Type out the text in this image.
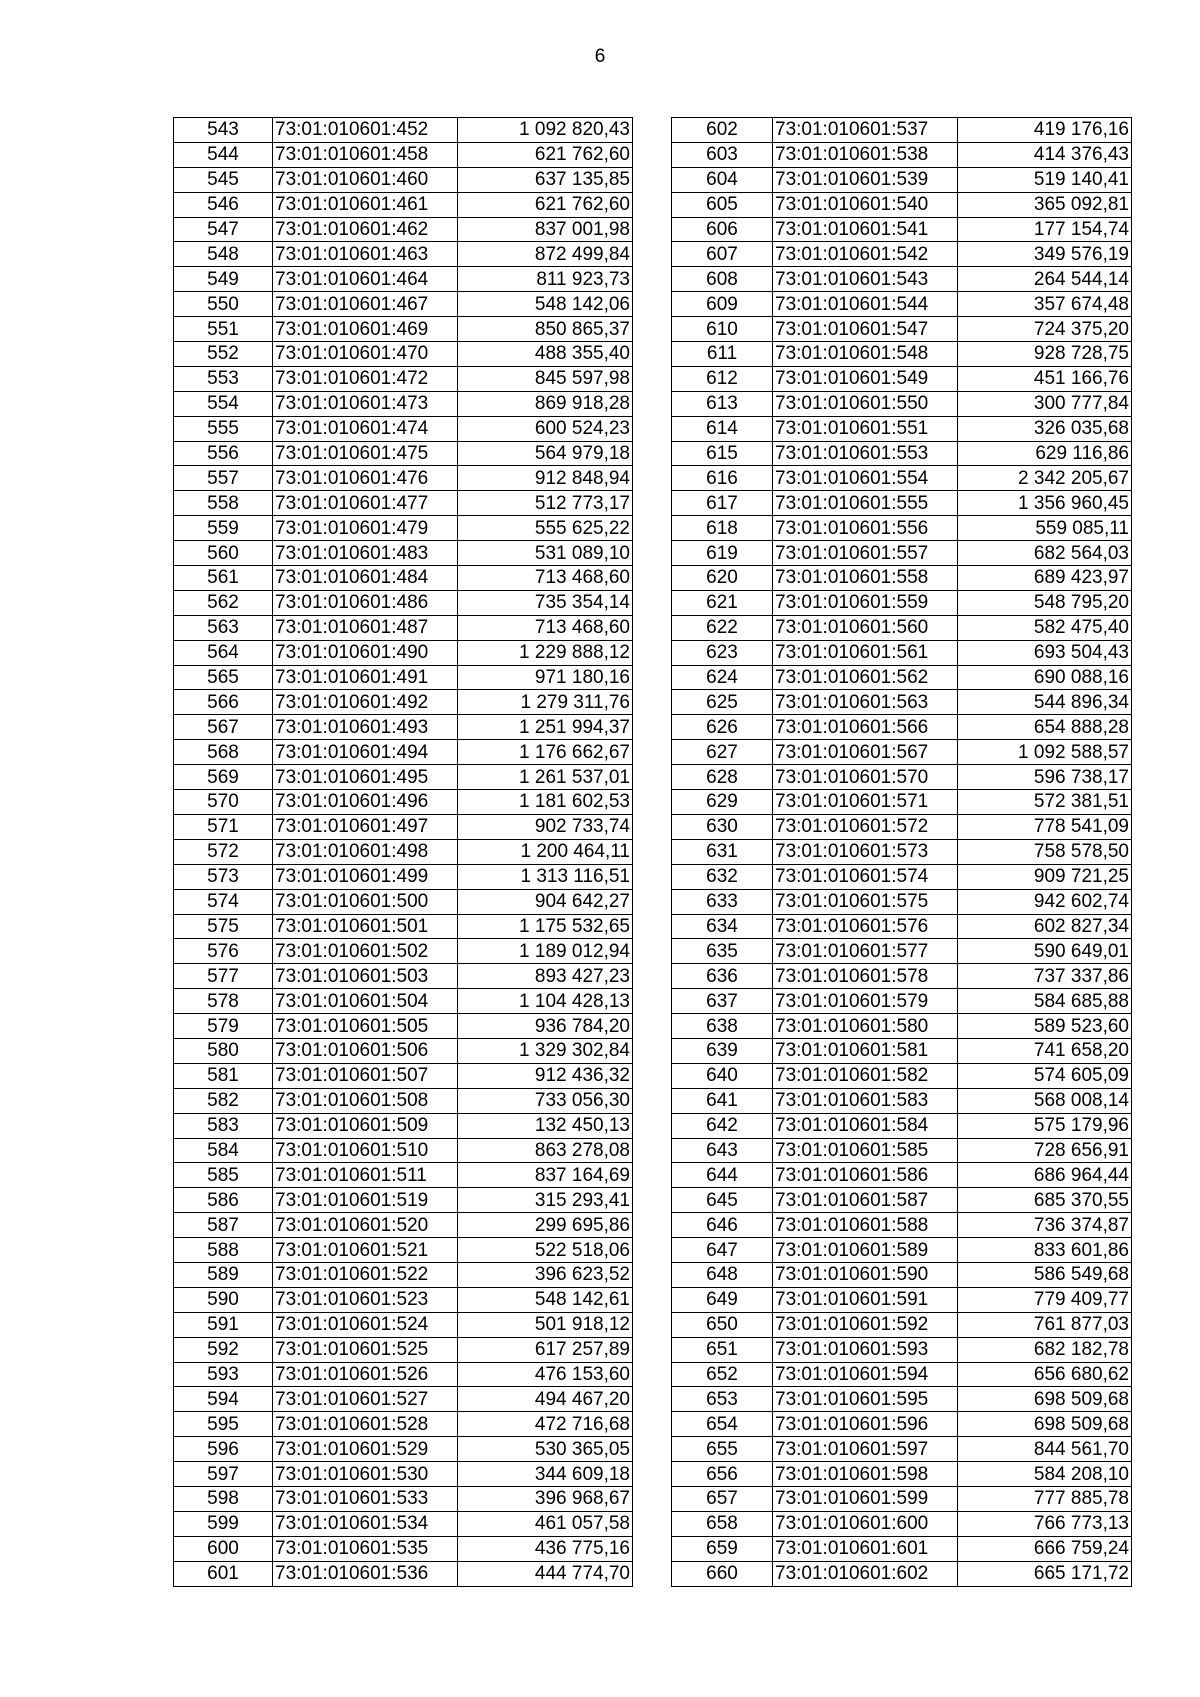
6
543	73:01:010601:452	1 092 820,43
544	73:01:010601:458	621 762,60
545	73:01:010601:460	637 135,85
546	73:01:010601:461	621 762,60
547	73:01:010601:462	837 001,98
548	73:01:010601:463	872 499,84
549	73:01:010601:464	811 923,73
550	73:01:010601:467	548 142,06
551	73:01:010601:469	850 865,37
552	73:01:010601:470	488 355,40
553	73:01:010601:472	845 597,98
554	73:01:010601:473	869 918,28
555	73:01:010601:474	600 524,23
556	73:01:010601:475	564 979,18
557	73:01:010601:476	912 848,94
558	73:01:010601:477	512 773,17
559	73:01:010601:479	555 625,22
560	73:01:010601:483	531 089,10
561	73:01:010601:484	713 468,60
562	73:01:010601:486	735 354,14
563	73:01:010601:487	713 468,60
564	73:01:010601:490	1 229 888,12
565	73:01:010601:491	971 180,16
566	73:01:010601:492	1 279 311,76
567	73:01:010601:493	1 251 994,37
568	73:01:010601:494	1 176 662,67
569	73:01:010601:495	1 261 537,01
570	73:01:010601:496	1 181 602,53
571	73:01:010601:497	902 733,74
572	73:01:010601:498	1 200 464,11
573	73:01:010601:499	1 313 116,51
574	73:01:010601:500	904 642,27
575	73:01:010601:501	1 175 532,65
576	73:01:010601:502	1 189 012,94
577	73:01:010601:503	893 427,23
578	73:01:010601:504	1 104 428,13
579	73:01:010601:505	936 784,20
580	73:01:010601:506	1 329 302,84
581	73:01:010601:507	912 436,32
582	73:01:010601:508	733 056,30
583	73:01:010601:509	132 450,13
584	73:01:010601:510	863 278,08
585	73:01:010601:511	837 164,69
586	73:01:010601:519	315 293,41
587	73:01:010601:520	299 695,86
588	73:01:010601:521	522 518,06
589	73:01:010601:522	396 623,52
590	73:01:010601:523	548 142,61
591	73:01:010601:524	501 918,12
592	73:01:010601:525	617 257,89
593	73:01:010601:526	476 153,60
594	73:01:010601:527	494 467,20
595	73:01:010601:528	472 716,68
596	73:01:010601:529	530 365,05
597	73:01:010601:530	344 609,18
598	73:01:010601:533	396 968,67
599	73:01:010601:534	461 057,58
600	73:01:010601:535	436 775,16
601	73:01:010601:536	444 774,70
602	73:01:010601:537	419 176,16
603	73:01:010601:538	414 376,43
604	73:01:010601:539	519 140,41
605	73:01:010601:540	365 092,81
606	73:01:010601:541	177 154,74
607	73:01:010601:542	349 576,19
608	73:01:010601:543	264 544,14
609	73:01:010601:544	357 674,48
610	73:01:010601:547	724 375,20
611	73:01:010601:548	928 728,75
612	73:01:010601:549	451 166,76
613	73:01:010601:550	300 777,84
614	73:01:010601:551	326 035,68
615	73:01:010601:553	629 116,86
616	73:01:010601:554	2 342 205,67
617	73:01:010601:555	1 356 960,45
618	73:01:010601:556	559 085,11
619	73:01:010601:557	682 564,03
620	73:01:010601:558	689 423,97
621	73:01:010601:559	548 795,20
622	73:01:010601:560	582 475,40
623	73:01:010601:561	693 504,43
624	73:01:010601:562	690 088,16
625	73:01:010601:563	544 896,34
626	73:01:010601:566	654 888,28
627	73:01:010601:567	1 092 588,57
628	73:01:010601:570	596 738,17
629	73:01:010601:571	572 381,51
630	73:01:010601:572	778 541,09
631	73:01:010601:573	758 578,50
632	73:01:010601:574	909 721,25
633	73:01:010601:575	942 602,74
634	73:01:010601:576	602 827,34
635	73:01:010601:577	590 649,01
636	73:01:010601:578	737 337,86
637	73:01:010601:579	584 685,88
638	73:01:010601:580	589 523,60
639	73:01:010601:581	741 658,20
640	73:01:010601:582	574 605,09
641	73:01:010601:583	568 008,14
642	73:01:010601:584	575 179,96
643	73:01:010601:585	728 656,91
644	73:01:010601:586	686 964,44
645	73:01:010601:587	685 370,55
646	73:01:010601:588	736 374,87
647	73:01:010601:589	833 601,86
648	73:01:010601:590	586 549,68
649	73:01:010601:591	779 409,77
650	73:01:010601:592	761 877,03
651	73:01:010601:593	682 182,78
652	73:01:010601:594	656 680,62
653	73:01:010601:595	698 509,68
654	73:01:010601:596	698 509,68
655	73:01:010601:597	844 561,70
656	73:01:010601:598	584 208,10
657	73:01:010601:599	777 885,78
658	73:01:010601:600	766 773,13
659	73:01:010601:601	666 759,24
660	73:01:010601:602	665 171,72
